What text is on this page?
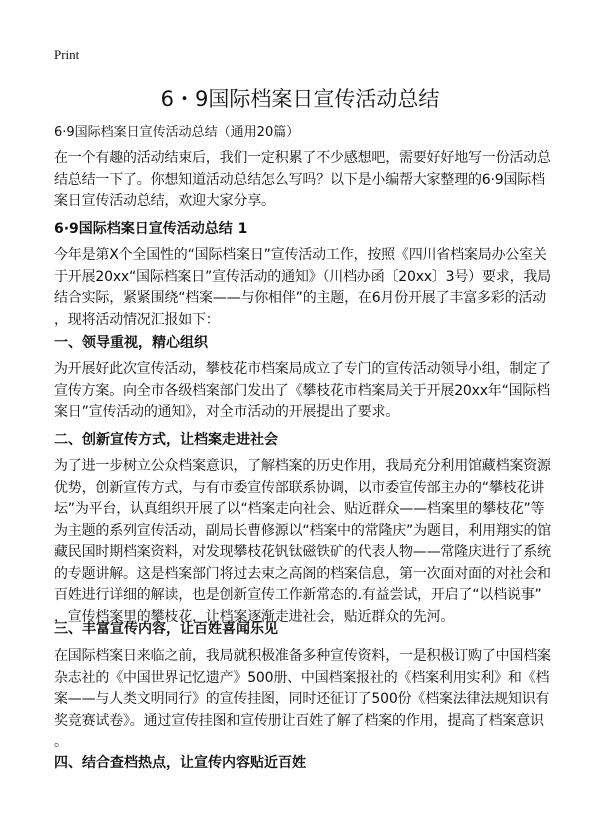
Print
6・9国际档案日宣传活动总结
6·9国际档案日宣传活动总结（通用20篇）
在一个有趣的活动结束后，我们一定积累了不少感想吧，需要好好地写一份活动总
结总结一下了。你想知道活动总结怎么写吗？以下是小编帮大家整理的6·9国际档
案日宣传活动总结，欢迎大家分享。
6·9国际档案日宣传活动总结 1
今年是第X个全国性的“国际档案日”宣传活动工作，按照《四川省档案局办公室关
于开展20xx“国际档案日”宣传活动的通知》（川档办函〔20xx〕3号）要求，我局
结合实际，紧紧围绕“档案——与你相伴”的主题，在6月份开展了丰富多彩的活动
，现将活动情况汇报如下：
一、领导重视，精心组织
为开展好此次宣传活动，攀枝花市档案局成立了专门的宣传活动领导小组，制定了
宣传方案。向全市各级档案部门发出了《攀枝花市档案局关于开展20xx年“国际档
案日”宣传活动的通知》，对全市活动的开展提出了要求。
二、创新宣传方式，让档案走进社会
为了进一步树立公众档案意识，了解档案的历史作用，我局充分利用馆藏档案资源
优势，创新宣传方式，与有市委宣传部联系协调，以市委宣传部主办的“攀枝花讲
坛”为平台，认真组织开展了以“档案走向社会、贴近群众——档案里的攀枝花”等
为主题的系列宣传活动，副局长曹修源以“档案中的常隆庆”为题目，利用翔实的馆
藏民国时期档案资料，对发现攀枝花钒钛磁铁矿的代表人物——常隆庆进行了系统
的专题讲解。这是档案部门将过去束之高阁的档案信息，第一次面对面的对社会和
百姓进行详细的解读，也是创新宣传工作新常态的.有益尝试，开启了“以档说事”
，宣传档案里的攀枝花，让档案逐渐走进社会，贴近群众的先河。
三、丰富宣传内容，让百姓喜闻乐见
在国际档案日来临之前，我局就积极准备多种宣传资料，一是积极订购了中国档案
杂志社的《中国世界记忆遗产》500册、中国档案报社的《档案利用实利》和《档
案——与人类文明同行》的宣传挂图，同时还征订了500份《档案法律法规知识有
奖竞赛试卷》。通过宣传挂图和宣传册让百姓了解了档案的作用，提高了档案意识
。
四、结合查档热点，让宣传内容贴近百姓
